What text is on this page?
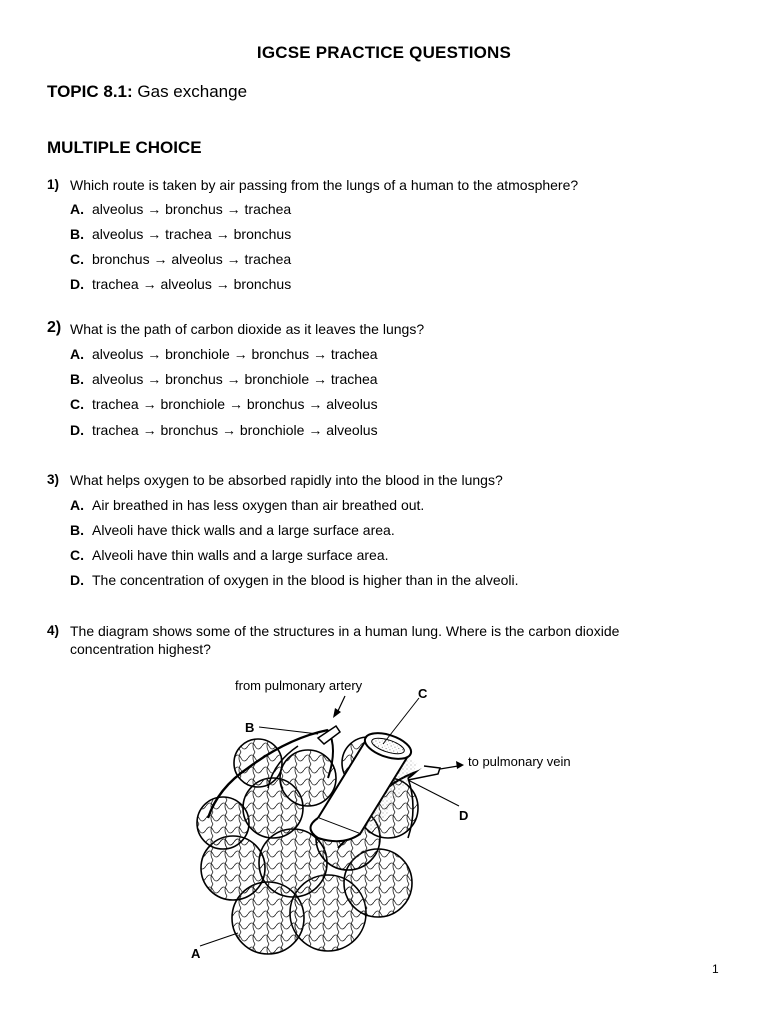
IGCSE PRACTICE QUESTIONS
TOPIC 8.1: Gas exchange
MULTIPLE CHOICE
1) Which route is taken by air passing from the lungs of a human to the atmosphere?
A. alveolus → bronchus → trachea
B. alveolus → trachea → bronchus
C. bronchus → alveolus → trachea
D. trachea → alveolus → bronchus
2) What is the path of carbon dioxide as it leaves the lungs?
A. alveolus → bronchiole → bronchus → trachea
B. alveolus → bronchus → bronchiole → trachea
C. trachea → bronchiole → bronchus → alveolus
D. trachea → bronchus → bronchiole → alveolus
3) What helps oxygen to be absorbed rapidly into the blood in the lungs?
A. Air breathed in has less oxygen than air breathed out.
B. Alveoli have thick walls and a large surface area.
C. Alveoli have thin walls and a large surface area.
D. The concentration of oxygen in the blood is higher than in the alveoli.
4) The diagram shows some of the structures in a human lung. Where is the carbon dioxide
concentration highest?
from pulmonary artery
to pulmonary vein
C
B
D
A
1
